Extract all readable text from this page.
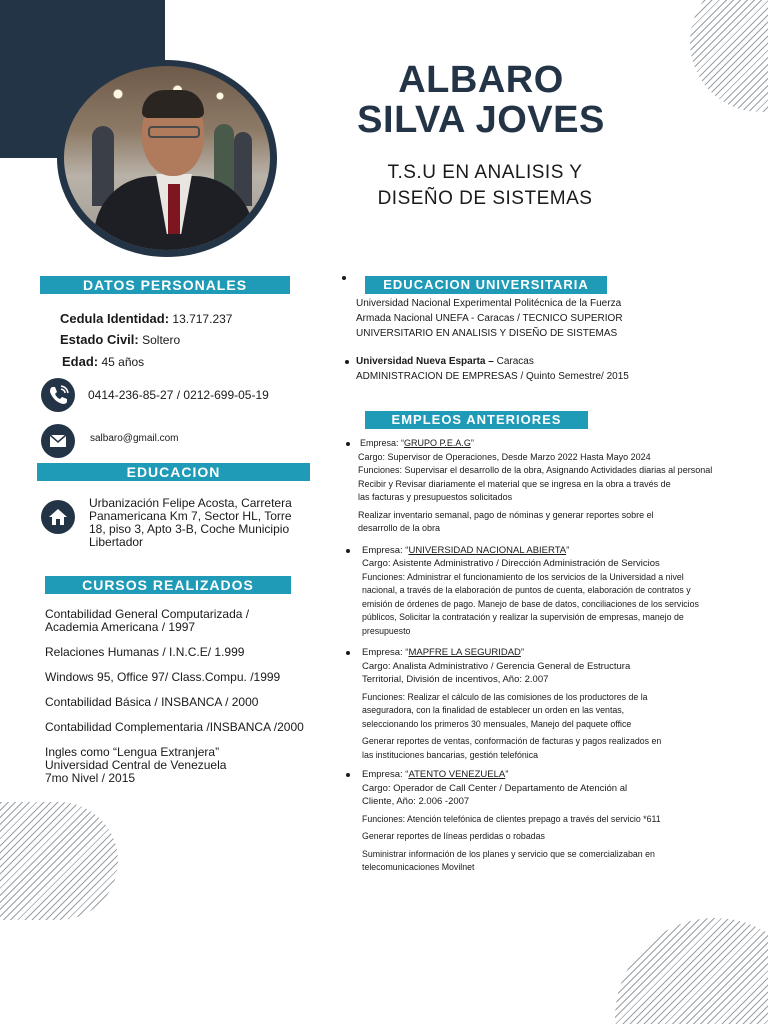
ALBARO
SILVA JOVES
T.S.U EN ANALISIS Y
DISEÑO DE SISTEMAS
DATOS PERSONALES
Cedula Identidad: 13.717.237
Estado Civil: Soltero
Edad: 45 años
0414-236-85-27 / 0212-699-05-19
salbaro@gmail.com
EDUCACION
Urbanización Felipe Acosta, Carretera Panamericana Km 7, Sector HL, Torre 18, piso 3, Apto 3-B, Coche Municipio Libertador
CURSOS REALIZADOS
Contabilidad General Computarizada / Academia Americana / 1997
Relaciones Humanas / I.N.C.E/ 1.999
Windows 95, Office 97/ Class.Compu. /1999
Contabilidad Básica / INSBANCA / 2000
Contabilidad Complementaria /INSBANCA /2000
Ingles como “Lengua Extranjera”
Universidad Central de Venezuela
7mo Nivel / 2015
EDUCACION UNIVERSITARIA
Universidad Nacional Experimental Politécnica de la Fuerza
Armada Nacional UNEFA - Caracas / TECNICO SUPERIOR
UNIVERSITARIO EN ANALISIS Y DISEÑO DE SISTEMAS
Universidad Nueva Esparta – Caracas
ADMINISTRACION DE EMPRESAS / Quinto Semestre/ 2015
EMPLEOS ANTERIORES
Empresa: “GRUPO P.E.A.G”
Cargo: Supervisor de Operaciones, Desde Marzo 2022 Hasta Mayo 2024
Funciones: Supervisar el desarrollo de la obra, Asignando Actividades diarias al personal
Recibir y Revisar diariamente el material que se ingresa en la obra a través de
las facturas y presupuestos solicitados
Realizar inventario semanal, pago de nóminas y generar reportes sobre el
desarrollo de la obra
Empresa: “UNIVERSIDAD NACIONAL ABIERTA”
Cargo: Asistente Administrativo / Dirección Administración de Servicios
Funciones: Administrar el funcionamiento de los servicios de la Universidad a nivel
nacional, a través de la elaboración de puntos de cuenta, elaboración de contratos y
emisión de órdenes de pago. Manejo de base de datos, conciliaciones de los servicios
públicos, Solicitar la contratación y realizar la supervisión de empresas, manejo de
presupuesto
Empresa: “MAPFRE LA SEGURIDAD”
Cargo: Analista Administrativo / Gerencia General de Estructura
Territorial, División de incentivos, Año: 2.007
Funciones: Realizar el cálculo de las comisiones de los productores de la
aseguradora, con la finalidad de establecer un orden en las ventas,
seleccionando los primeros 30 mensuales, Manejo del paquete office
Generar reportes de ventas, conformación de facturas y pagos realizados en
las instituciones bancarias, gestión telefónica
Empresa: “ATENTO VENEZUELA”
Cargo: Operador de Call Center / Departamento de Atención al
Cliente, Año: 2.006 -2007
Funciones: Atención telefónica de clientes prepago a través del servicio *611
Generar reportes de líneas perdidas o robadas
Suministrar información de los planes y servicio que se comercializaban en
telecomunicaciones Movilnet
